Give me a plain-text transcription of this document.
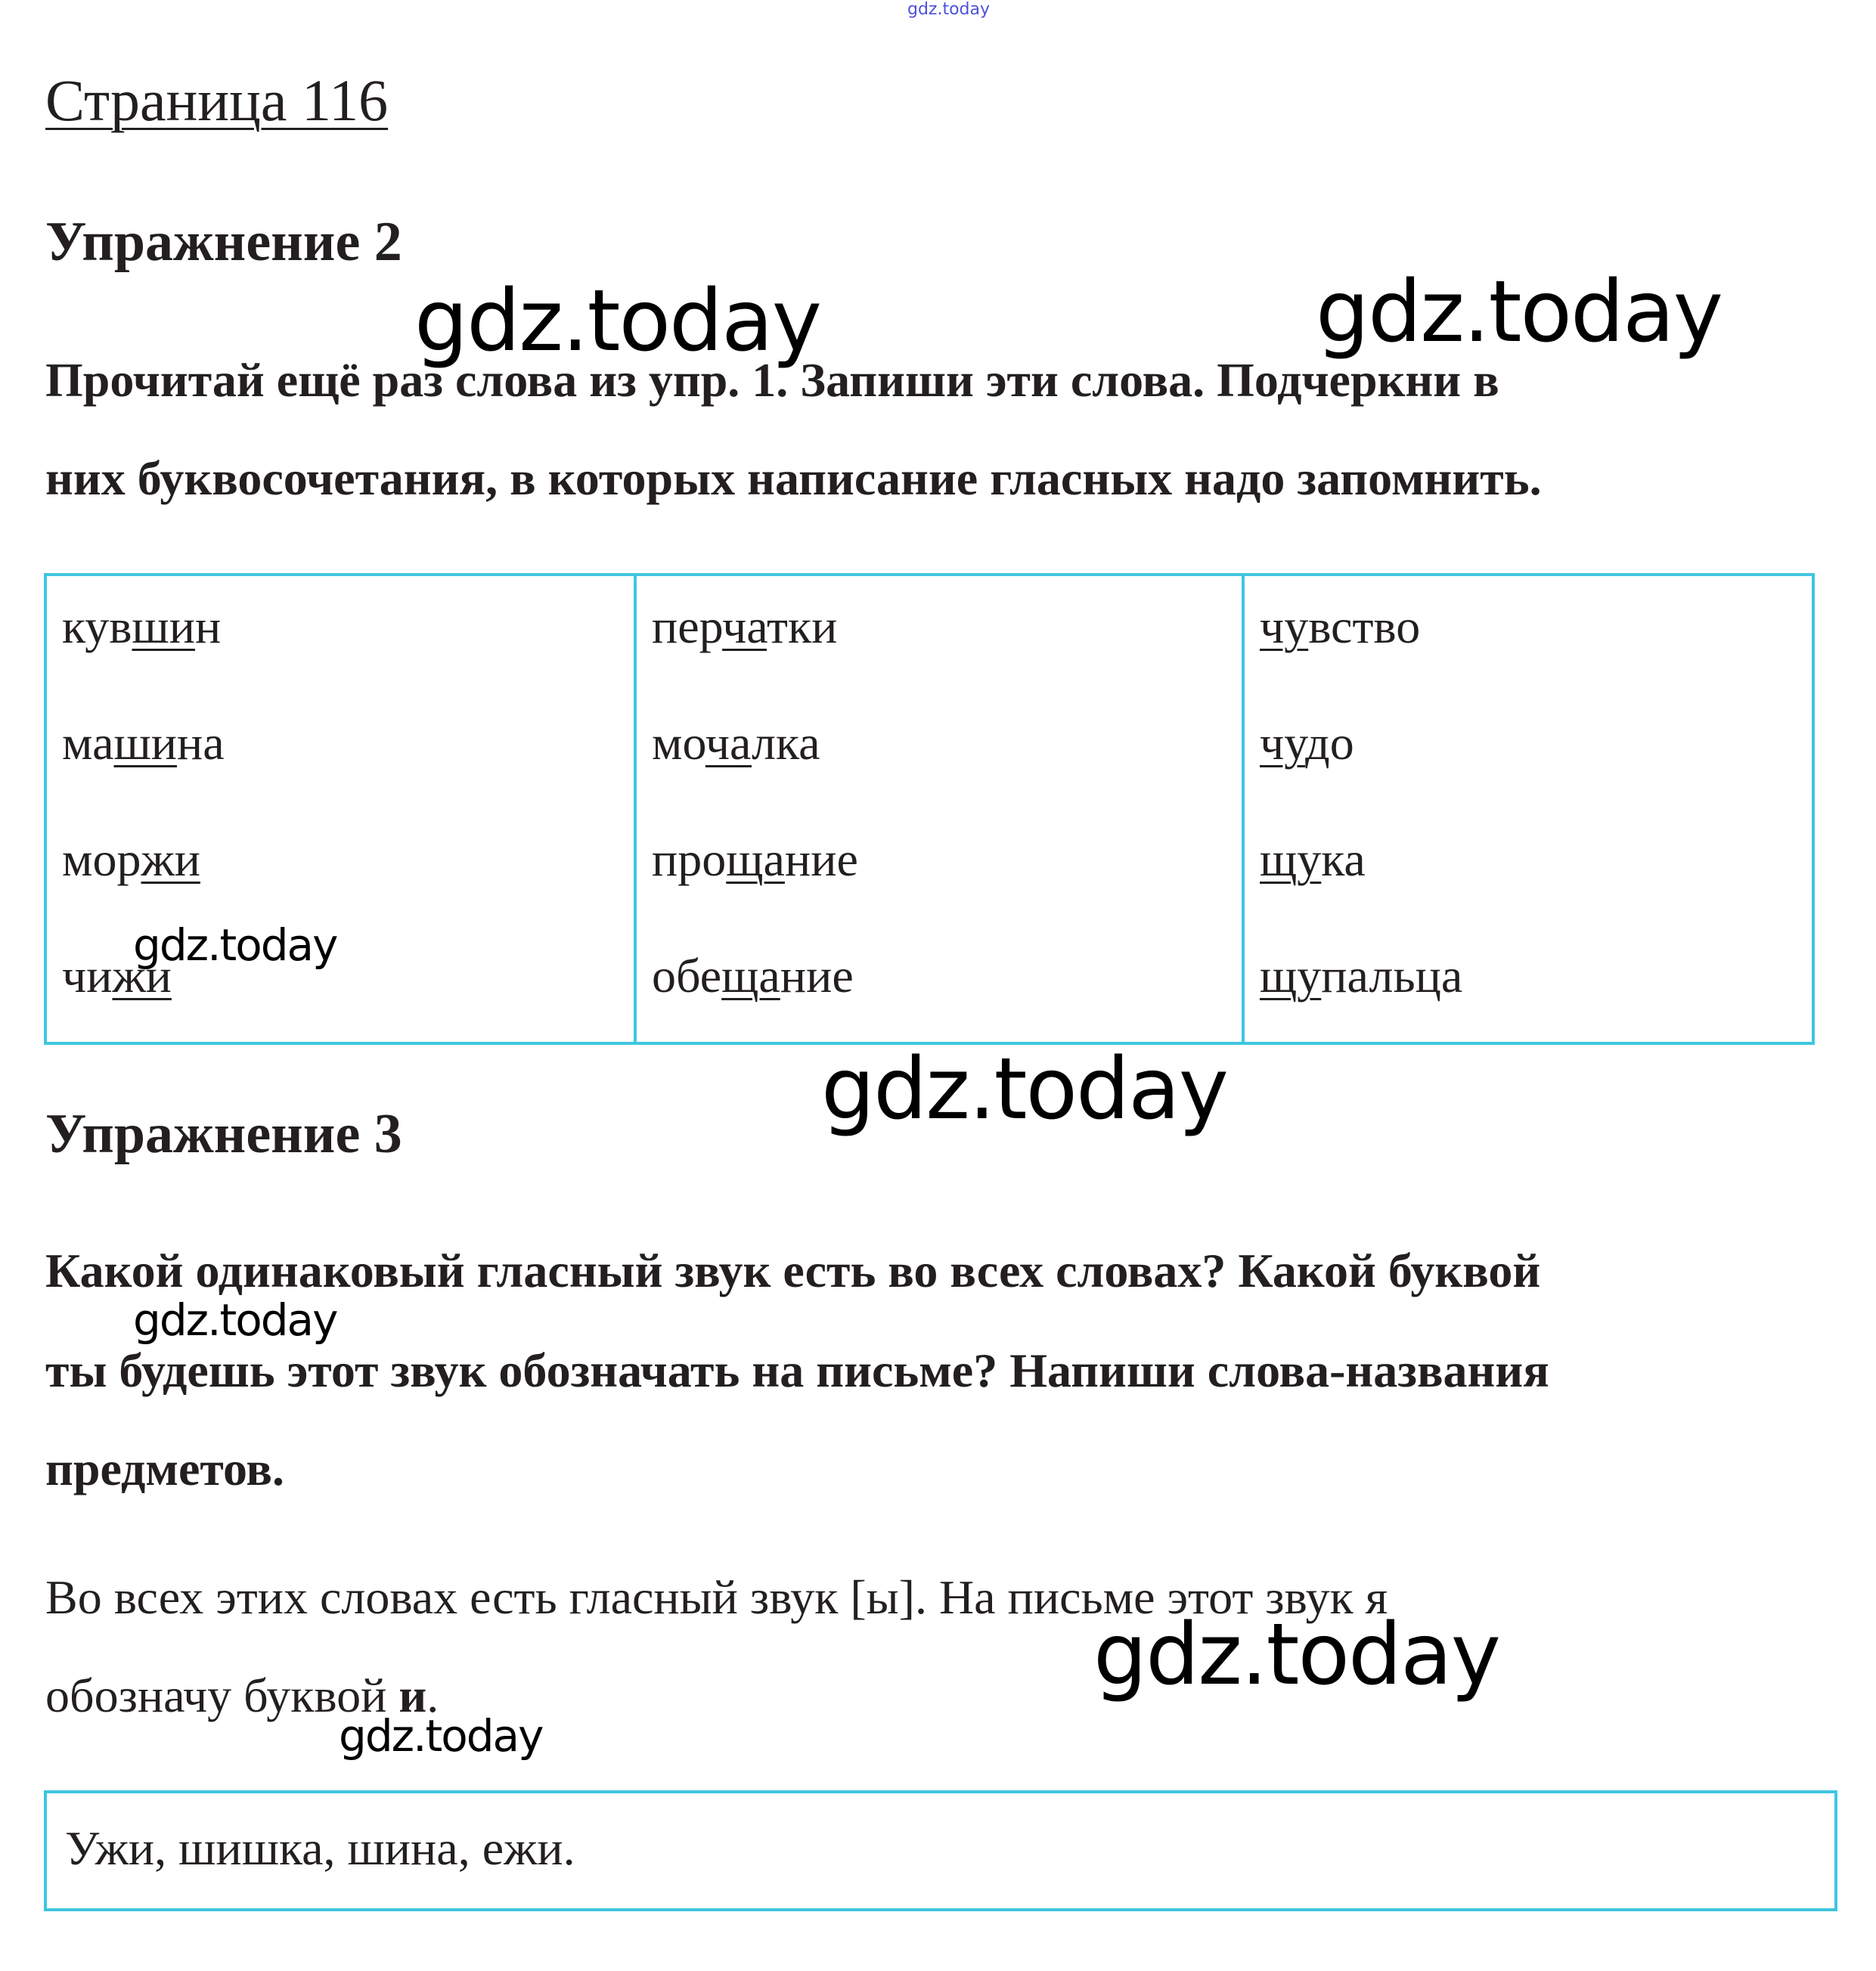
gdz.today
Страница 116
Упражнение 2
Прочитай ещё раз слова из упр. 1. Запиши эти слова. Подчеркни в
них буквосочетания, в которых написание гласных надо запомнить.
кувшин
машина
моржи
чижи
перчатки
мочалка
прощание
обещание
чувство
чудо
щука
щупальца
Упражнение 3
Какой одинаковый гласный звук есть во всех словах? Какой буквой
ты будешь этот звук обозначать на письме? Напиши слова-названия
предметов.
Во всех этих словах есть гласный звук [ы]. На письме этот звук я
обозначу буквой и.
Ужи, шишка, шина, ежи.
gdz.today	gdz.today
gdz.today
gdz.today
gdz.today
gdz.today
gdz.today
